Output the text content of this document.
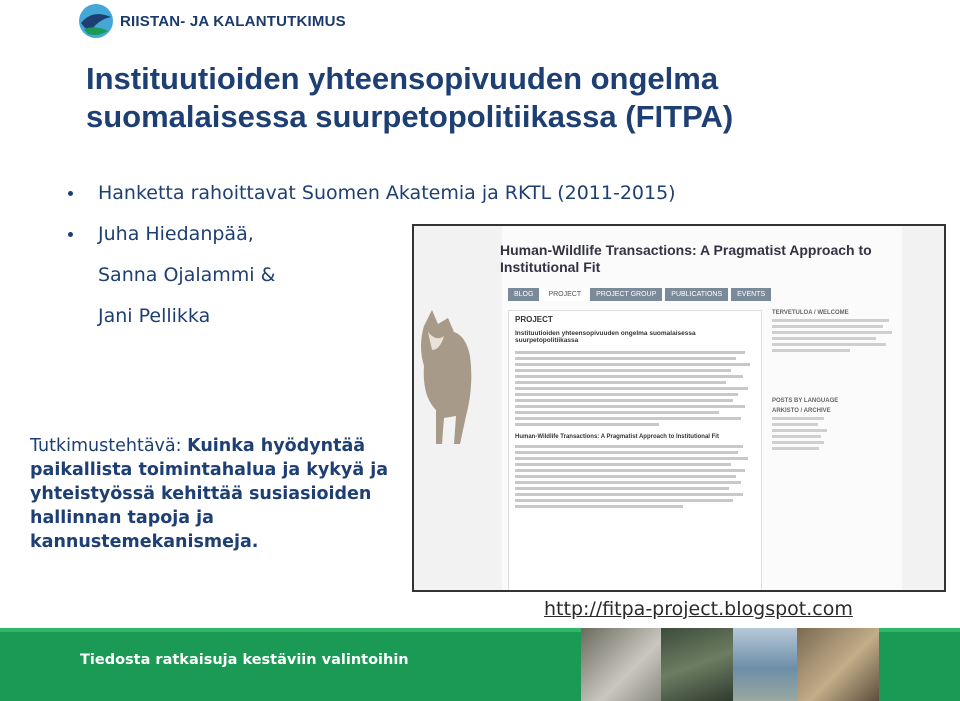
RIISTAN- JA KALANTUTKIMUS
Instituutioiden yhteensopivuuden ongelma
suomalaisessa suurpetopolitiikassa (FITPA)
Hanketta rahoittavat Suomen Akatemia ja RKTL (2011-2015)
Juha Hiedanpää,
Sanna Ojalammi &
Jani Pellikka
Tutkimustehtävä: Kuinka hyödyntää
paikallista toimintahalua ja kykyä ja
yhteistyössä kehittää susiasioiden
hallinnan tapoja ja
kannustemekanismeja.
Human-Wildlife Transactions: A Pragmatist Approach to Institutional Fit
BLOG	PROJECT	PROJECT GROUP	PUBLICATIONS	EVENTS
PROJECT
Instituutioiden yhteensopivuuden ongelma suomalaisessa suurpetopolitiikassa
Human-Wildlife Transactions: A Pragmatist Approach to Institutional Fit
TERVETULOA / WELCOME
POSTS BY LANGUAGE
ARKISTO / ARCHIVE
http://fitpa-project.blogspot.com
Tiedosta ratkaisuja kestäviin valintoihin
